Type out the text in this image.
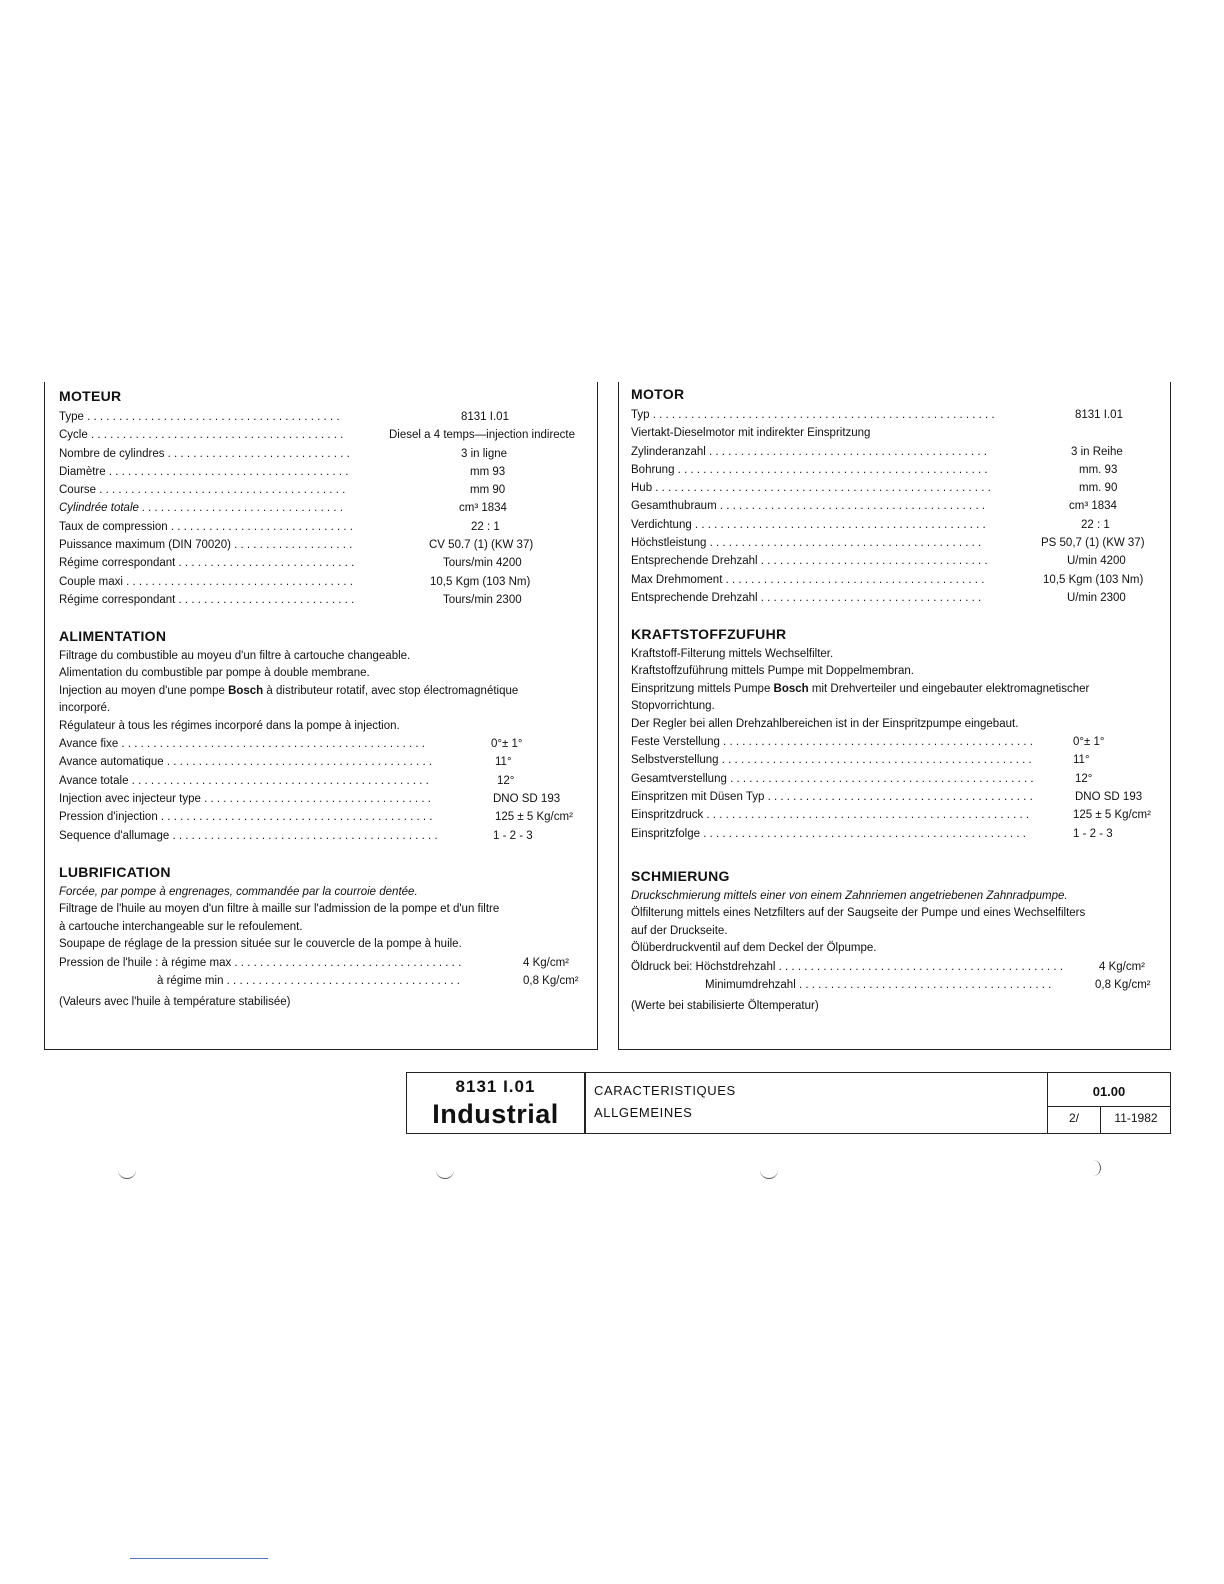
MOTEUR
Type . . . . . . . . . . . . . . . . . . . . . . . . . . . . . . . . . . . . . . . .	8131 I.01
Cycle . . . . . . . . . . . . . . . . . . . . . . . . . . . . . . . . . . . . . . . .	Diesel a 4 temps—injection indirecte
Nombre de cylindres . . . . . . . . . . . . . . . . . . . . . . . . . . . . .	3 in ligne
Diamètre . . . . . . . . . . . . . . . . . . . . . . . . . . . . . . . . . . . . . .	mm 93
Course . . . . . . . . . . . . . . . . . . . . . . . . . . . . . . . . . . . . . . .	mm 90
Cylindrée totale . . . . . . . . . . . . . . . . . . . . . . . . . . . . . . . .	cm³ 1834
Taux de compression . . . . . . . . . . . . . . . . . . . . . . . . . . . . .	22 : 1
Puissance maximum (DIN 70020) . . . . . . . . . . . . . . . . . . .	CV 50.7 (1) (KW 37)
Régime correspondant . . . . . . . . . . . . . . . . . . . . . . . . . . . .	Tours/min 4200
Couple maxi . . . . . . . . . . . . . . . . . . . . . . . . . . . . . . . . . . . .	10,5 Kgm (103 Nm)
Régime correspondant . . . . . . . . . . . . . . . . . . . . . . . . . . . .	Tours/min 2300
ALIMENTATION
Filtrage du combustible au moyeu d'un filtre à cartouche changeable.
Alimentation du combustible par pompe à double membrane.
Injection au moyen d'une pompe Bosch à distributeur rotatif, avec stop électromagnétique
incorporé.
Régulateur à tous les régimes incorporé dans la pompe à injection.
Avance fixe . . . . . . . . . . . . . . . . . . . . . . . . . . . . . . . . . . . . . . . . . . . . . . . .	0°± 1°
Avance automatique . . . . . . . . . . . . . . . . . . . . . . . . . . . . . . . . . . . . . . . . . .	11°
Avance totale . . . . . . . . . . . . . . . . . . . . . . . . . . . . . . . . . . . . . . . . . . . . . . .	12°
Injection avec injecteur type . . . . . . . . . . . . . . . . . . . . . . . . . . . . . . . . . . . .	DNO SD 193
Pression d'injection . . . . . . . . . . . . . . . . . . . . . . . . . . . . . . . . . . . . . . . . . . .	125 ± 5 Kg/cm²
Sequence d'allumage . . . . . . . . . . . . . . . . . . . . . . . . . . . . . . . . . . . . . . . . . .	1 - 2 - 3
LUBRIFICATION
Forcée, par pompe à engrenages, commandée par la courroie dentée.
Filtrage de l'huile au moyen d'un filtre à maille sur l'admission de la pompe et d'un filtre
à cartouche interchangeable sur le refoulement.
Soupape de réglage de la pression située sur le couvercle de la pompe à huile.
Pression de l'huile : à régime max . . . . . . . . . . . . . . . . . . . . . . . . . . . . . . . . . . . .	4 Kg/cm²
à régime min . . . . . . . . . . . . . . . . . . . . . . . . . . . . . . . . . . . . .	0,8 Kg/cm²
(Valeurs avec l'huile à température stabilisée)
MOTOR
Typ . . . . . . . . . . . . . . . . . . . . . . . . . . . . . . . . . . . . . . . . . . . . . . . . . . . . . .	8131 I.01
Viertakt-Dieselmotor mit indirekter Einspritzung
Zylinderanzahl . . . . . . . . . . . . . . . . . . . . . . . . . . . . . . . . . . . . . . . . . . . .	3 in Reihe
Bohrung . . . . . . . . . . . . . . . . . . . . . . . . . . . . . . . . . . . . . . . . . . . . . . . . .	mm. 93
Hub . . . . . . . . . . . . . . . . . . . . . . . . . . . . . . . . . . . . . . . . . . . . . . . . . . . . .	mm. 90
Gesamthubraum . . . . . . . . . . . . . . . . . . . . . . . . . . . . . . . . . . . . . . . . . .	cm³ 1834
Verdichtung . . . . . . . . . . . . . . . . . . . . . . . . . . . . . . . . . . . . . . . . . . . . . .	22 : 1
Höchstleistung . . . . . . . . . . . . . . . . . . . . . . . . . . . . . . . . . . . . . . . . . . .	PS 50,7 (1) (KW 37)
Entsprechende Drehzahl . . . . . . . . . . . . . . . . . . . . . . . . . . . . . . . . . . . .	U/min 4200
Max Drehmoment . . . . . . . . . . . . . . . . . . . . . . . . . . . . . . . . . . . . . . . . .	10,5 Kgm (103 Nm)
Entsprechende Drehzahl . . . . . . . . . . . . . . . . . . . . . . . . . . . . . . . . . . .	U/min 2300
KRAFTSTOFFZUFUHR
Kraftstoff-Filterung mittels Wechselfilter.
Kraftstoffzuführung mittels Pumpe mit Doppelmembran.
Einspritzung mittels Pumpe Bosch mit Drehverteiler und eingebauter elektromagnetischer
Stopvorrichtung.
Der Regler bei allen Drehzahlbereichen ist in der Einspritzpumpe eingebaut.
Feste Verstellung . . . . . . . . . . . . . . . . . . . . . . . . . . . . . . . . . . . . . . . . . . . . . . . . .	0°± 1°
Selbstverstellung . . . . . . . . . . . . . . . . . . . . . . . . . . . . . . . . . . . . . . . . . . . . . . . . .	11°
Gesamtverstellung . . . . . . . . . . . . . . . . . . . . . . . . . . . . . . . . . . . . . . . . . . . . . . . .	12°
Einspritzen mit Düsen Typ . . . . . . . . . . . . . . . . . . . . . . . . . . . . . . . . . . . . . . . . . .	DNO SD 193
Einspritzdruck . . . . . . . . . . . . . . . . . . . . . . . . . . . . . . . . . . . . . . . . . . . . . . . . . . .	125 ± 5 Kg/cm²
Einspritzfolge . . . . . . . . . . . . . . . . . . . . . . . . . . . . . . . . . . . . . . . . . . . . . . . . . . .	1 - 2 - 3
SCHMIERUNG
Druckschmierung mittels einer von einem Zahnriemen angetriebenen Zahnradpumpe.
Ölfilterung mittels eines Netzfilters auf der Saugseite der Pumpe und eines Wechselfilters
auf der Druckseite.
Ölüberdruckventil auf dem Deckel der Ölpumpe.
Öldruck bei: Höchstdrehzahl . . . . . . . . . . . . . . . . . . . . . . . . . . . . . . . . . . . . . . . . . . . . .	4 Kg/cm²
Minimumdrehzahl . . . . . . . . . . . . . . . . . . . . . . . . . . . . . . . . . . . . . . . .	0,8 Kg/cm²
(Werte bei stabilisierte Öltemperatur)
8131 I.01
Industrial
CARACTERISTIQUES
ALLGEMEINES
01.00
2/	11-1982
